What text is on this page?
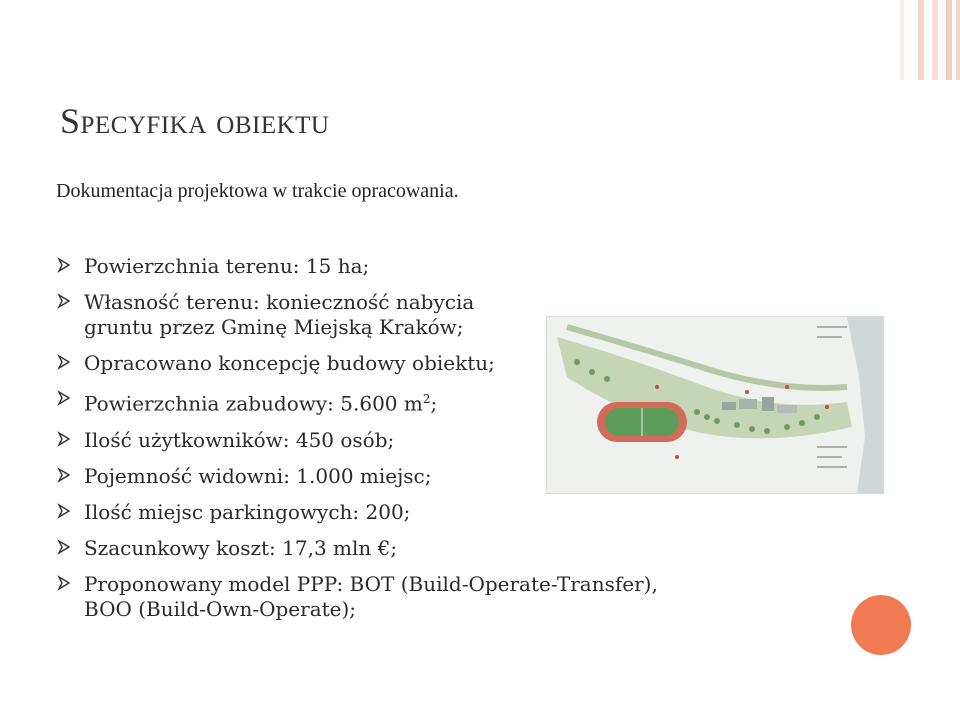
Specyfika obiektu
Dokumentacja projektowa w trakcie opracowania.
Powierzchnia terenu: 15 ha;
Własność terenu: konieczność nabycia
gruntu przez Gminę Miejską Kraków;
Opracowano koncepcję budowy obiektu;
Powierzchnia zabudowy: 5.600 $m^2$;
Ilość użytkowników: 450 osób;
Pojemność widowni: 1.000 miejsc;
Ilość miejsc parkingowych: 200;
Szacunkowy koszt: 17,3 mln €;
Proponowany model PPP: BOT (Build-Operate-Transfer),
BOO (Build-Own-Operate);
